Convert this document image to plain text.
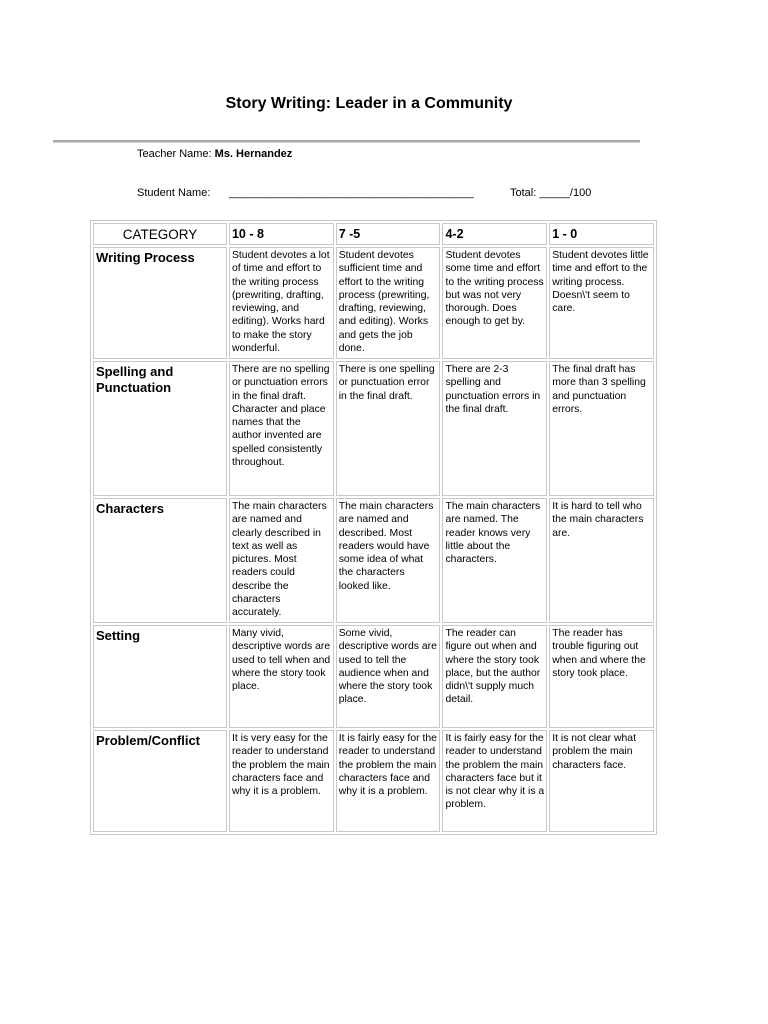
Story Writing: Leader in a Community
Teacher Name: Ms. Hernandez
Student Name: ________________________________________	Total: _____/100
CATEGORY	10 - 8	7 -5	4-2	1 - 0
Writing Process	Student devotes a lot of time and effort to the writing process (prewriting, drafting, reviewing, and editing). Works hard to make the story wonderful.	Student devotes sufficient time and effort to the writing process (prewriting, drafting, reviewing, and editing). Works and gets the job done.	Student devotes some time and effort to the writing process but was not very thorough. Does enough to get by.	Student devotes little time and effort to the writing process. Doesn\'t seem to care.
Spelling and Punctuation	There are no spelling or punctuation errors in the final draft. Character and place names that the author invented are spelled consistently throughout.	There is one spelling or punctuation error in the final draft.	There are 2-3 spelling and punctuation errors in the final draft.	The final draft has more than 3 spelling and punctuation errors.
Characters	The main characters are named and clearly described in text as well as pictures. Most readers could describe the characters accurately.	The main characters are named and described. Most readers would have some idea of what the characters looked like.	The main characters are named. The reader knows very little about the characters.	It is hard to tell who the main characters are.
Setting	Many vivid, descriptive words are used to tell when and where the story took place.	Some vivid, descriptive words are used to tell the audience when and where the story took place.	The reader can figure out when and where the story took place, but the author didn\'t supply much detail.	The reader has trouble figuring out when and where the story took place.
Problem/Conflict	It is very easy for the reader to understand the problem the main characters face and why it is a problem.	It is fairly easy for the reader to understand the problem the main characters face and why it is a problem.	It is fairly easy for the reader to understand the problem the main characters face but it is not clear why it is a problem.	It is not clear what problem the main characters face.
